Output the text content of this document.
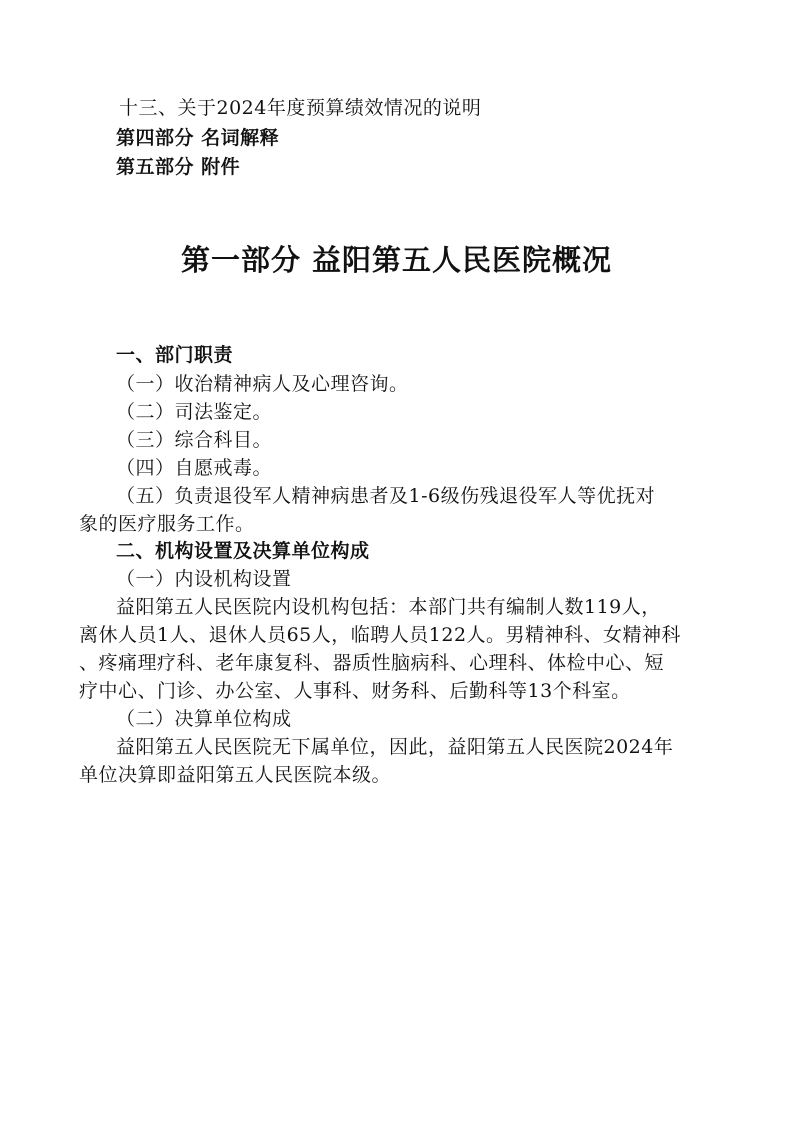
十三、关于2024年度预算绩效情况的说明
第四部分 名词解释
第五部分 附件
第一部分 益阳第五人民医院概况
一、部门职责
（一）收治精神病人及心理咨询。
（二）司法鉴定。
（三）综合科目。
（四）自愿戒毒。
（五）负责退役军人精神病患者及1-6级伤残退役军人等优抚对
象的医疗服务工作。
二、机构设置及决算单位构成
（一）内设机构设置
益阳第五人民医院内设机构包括：本部门共有编制人数119人，
离休人员1人、退休人员65人，临聘人员122人。男精神科、女精神科
、疼痛理疗科、老年康复科、器质性脑病科、心理科、体检中心、短
疗中心、门诊、办公室、人事科、财务科、后勤科等13个科室。
（二）决算单位构成
益阳第五人民医院无下属单位，因此，益阳第五人民医院2024年
单位决算即益阳第五人民医院本级。
